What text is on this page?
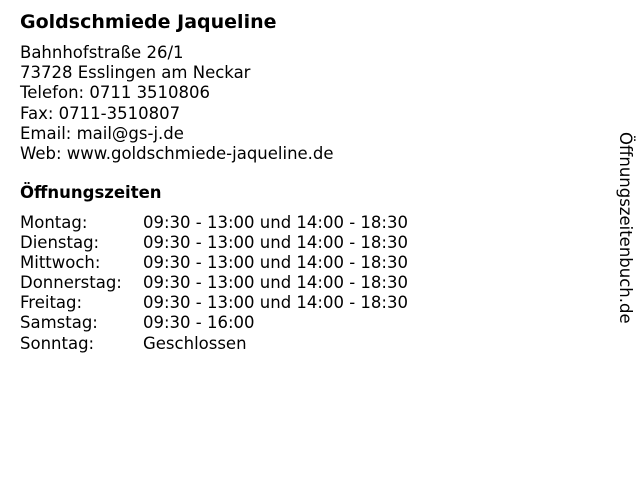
Goldschmiede Jaqueline
Bahnhofstraße 26/1
73728 Esslingen am Neckar
Telefon: 0711 3510806
Fax: 0711-3510807
Email: mail@gs-j.de
Web: www.goldschmiede-jaqueline.de
Öffnungszeiten
Montag:	09:30 - 13:00 und 14:00 - 18:30
Dienstag:	09:30 - 13:00 und 14:00 - 18:30
Mittwoch:	09:30 - 13:00 und 14:00 - 18:30
Donnerstag: 09:30 - 13:00 und 14:00 - 18:30
Freitag:	09:30 - 13:00 und 14:00 - 18:30
Samstag:	09:30 - 16:00
Sonntag:	Geschlossen
Öffnungszeitenbuch.de
